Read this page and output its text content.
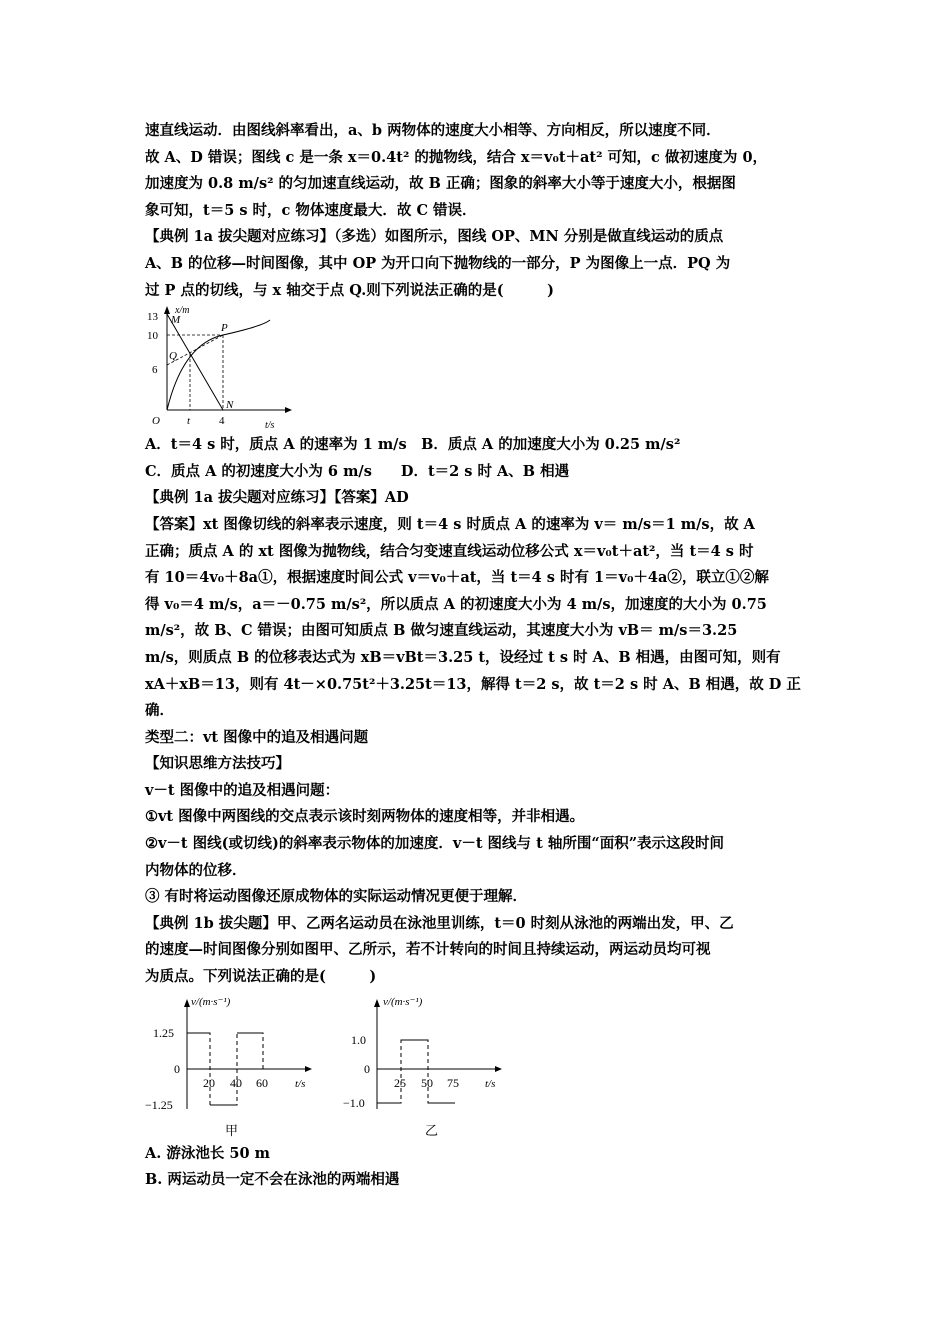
速直线运动．由图线斜率看出，a、b 两物体的速度大小相等、方向相反，所以速度不同．

故 A、D 错误；图线 c 是一条 x＝0.4t² 的抛物线，结合 x＝v₀t＋at² 可知，c 做初速度为 0，

加速度为 0.8 m/s² 的匀加速直线运动，故 B 正确；图象的斜率大小等于速度大小，根据图

象可知，t＝5 s 时，c 物体速度最大．故 C 错误．

【典例 1a 拔尖题对应练习】（多选）如图所示，图线 OP、MN 分别是做直线运动的质点

A、B 的位移—时间图像，其中 OP 为开口向下抛物线的一部分，P 为图像上一点．PQ 为

过 P 点的切线，与 x 轴交于点 Q.则下列说法正确的是(　　　)

x/m
t/s
13
10
6
t	4
O
M
P
Q
N

A．t＝4 s 时，质点 A 的速率为 1 m/s　B．质点 A 的加速度大小为 0.25 m/s²

C．质点 A 的初速度大小为 6 m/s　　D．t＝2 s 时 A、B 相遇

【典例 1a 拔尖题对应练习】【答案】AD

【答案】xt 图像切线的斜率表示速度，则 t＝4 s 时质点 A 的速率为 v＝ m/s＝1 m/s，故 A

正确；质点 A 的 xt 图像为抛物线，结合匀变速直线运动位移公式 x＝v₀t＋at²，当 t＝4 s 时

有 10＝4v₀＋8a①，根据速度时间公式 v＝v₀＋at，当 t＝4 s 时有 1＝v₀＋4a②，联立①②解

得 v₀＝4 m/s，a＝－0.75 m/s²，所以质点 A 的初速度大小为 4 m/s，加速度的大小为 0.75

m/s²，故 B、C 错误；由图可知质点 B 做匀速直线运动，其速度大小为 vB＝ m/s＝3.25

m/s，则质点 B 的位移表达式为 xB＝vBt＝3.25 t，设经过 t s 时 A、B 相遇，由图可知，则有

xA＋xB＝13，则有 4t－×0.75t²＋3.25t＝13，解得 t＝2 s，故 t＝2 s 时 A、B 相遇，故 D 正

确．

类型二：vt 图像中的追及相遇问题

【知识思维方法技巧】

v－t 图像中的追及相遇问题：

①vt 图像中两图线的交点表示该时刻两物体的速度相等，并非相遇。

②v－t 图线(或切线)的斜率表示物体的加速度．v－t 图线与 t 轴所围“面积”表示这段时间

内物体的位移．

③ 有时将运动图像还原成物体的实际运动情况更便于理解．

【典例 1b 拔尖题】甲、乙两名运动员在泳池里训练，t＝0 时刻从泳池的两端出发，甲、乙

的速度—时间图像分别如图甲、乙所示，若不计转向的时间且持续运动，两运动员均可视

为质点。下列说法正确的是(　　　)

v/(m·s⁻¹)
t/s
1.25
0
−1.25
20 40 60
甲
v/(m·s⁻¹)
t/s
1.0
0
−1.0
25 50 75
乙

A. 游泳池长 50 m

B. 两运动员一定不会在泳池的两端相遇
